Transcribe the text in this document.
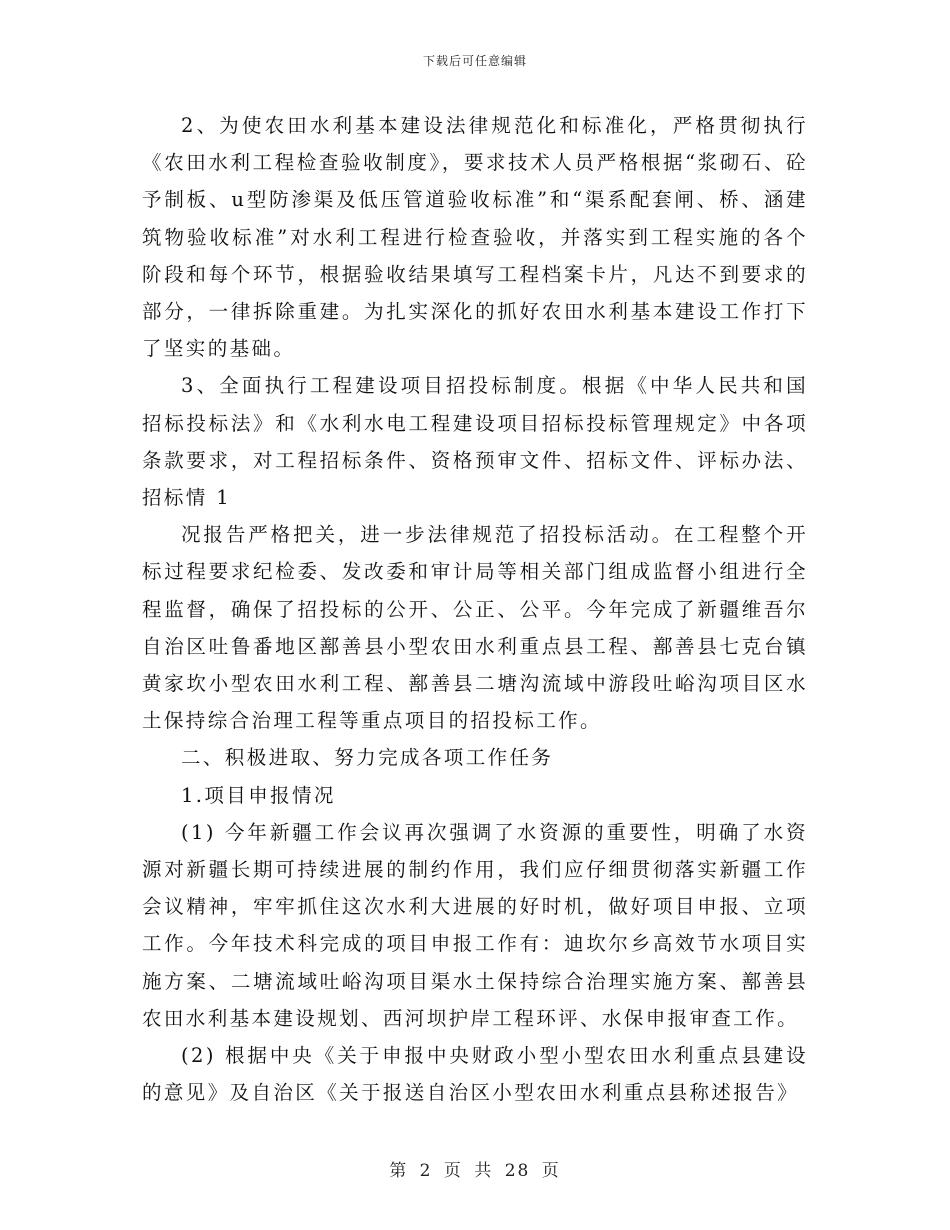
下载后可任意编辑

2、为使农田水利基本建设法律规范化和标准化，严格贯彻执行《农田水利工程检查验收制度》，要求技术人员严格根据“浆砌石、砼予制板、u型防渗渠及低压管道验收标准”和“渠系配套闸、桥、涵建筑物验收标准”对水利工程进行检查验收，并落实到工程实施的各个阶段和每个环节，根据验收结果填写工程档案卡片，凡达不到要求的部分，一律拆除重建。为扎实深化的抓好农田水利基本建设工作打下了坚实的基础。

3、全面执行工程建设项目招投标制度。根据《中华人民共和国招标投标法》和《水利水电工程建设项目招标投标管理规定》中各项条款要求，对工程招标条件、资格预审文件、招标文件、评标办法、招标情 1

况报告严格把关，进一步法律规范了招投标活动。在工程整个开标过程要求纪检委、发改委和审计局等相关部门组成监督小组进行全程监督，确保了招投标的公开、公正、公平。今年完成了新疆维吾尔自治区吐鲁番地区鄯善县小型农田水利重点县工程、鄯善县七克台镇黄家坎小型农田水利工程、鄯善县二塘沟流域中游段吐峪沟项目区水土保持综合治理工程等重点项目的招投标工作。

二、积极进取、努力完成各项工作任务

1.项目申报情况

(1) 今年新疆工作会议再次强调了水资源的重要性，明确了水资源对新疆长期可持续进展的制约作用，我们应仔细贯彻落实新疆工作会议精神，牢牢抓住这次水利大进展的好时机，做好项目申报、立项工作。今年技术科完成的项目申报工作有：迪坎尔乡高效节水项目实施方案、二塘流域吐峪沟项目渠水土保持综合治理实施方案、鄯善县农田水利基本建设规划、西河坝护岸工程环评、水保申报审查工作。

(2) 根据中央《关于申报中央财政小型小型农田水利重点县建设的意见》及自治区《关于报送自治区小型农田水利重点县称述报告》

第 2 页 共 28 页
